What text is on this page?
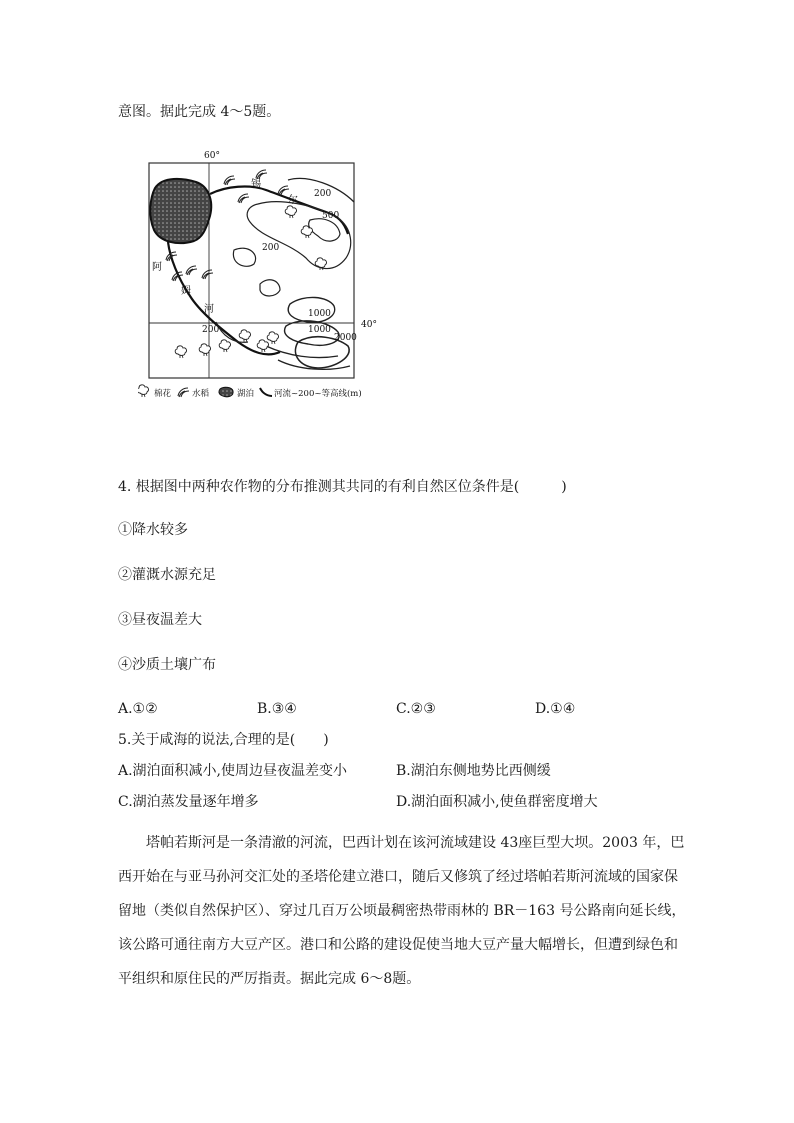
意图。据此完成 4～5题。
60°
40°
锡
尔
阿
姆
河
200
500
200
1000
1000
200
2000
棉花 水稻	湖泊 河流~200~等高线(m)
4. 根据图中两种农作物的分布推测其共同的有利自然区位条件是(　　　)
①降水较多
②灌溉水源充足
③昼夜温差大
④沙质土壤广布
A.①②	B.③④	C.②③	D.①④
5.关于咸海的说法,合理的是(　　)
A.湖泊面积减小,使周边昼夜温差变小	B.湖泊东侧地势比西侧缓
C.湖泊蒸发量逐年增多	D.湖泊面积减小,使鱼群密度增大
塔帕若斯河是一条清澈的河流，巴西计划在该河流域建设 43座巨型大坝。2003 年，巴
西开始在与亚马孙河交汇处的圣塔伦建立港口，随后又修筑了经过塔帕若斯河流域的国家保
留地（类似自然保护区）、穿过几百万公顷最稠密热带雨林的 BR－163 号公路南向延长线，
该公路可通往南方大豆产区。港口和公路的建设促使当地大豆产量大幅增长，但遭到绿色和
平组织和原住民的严厉指责。据此完成 6～8题。
